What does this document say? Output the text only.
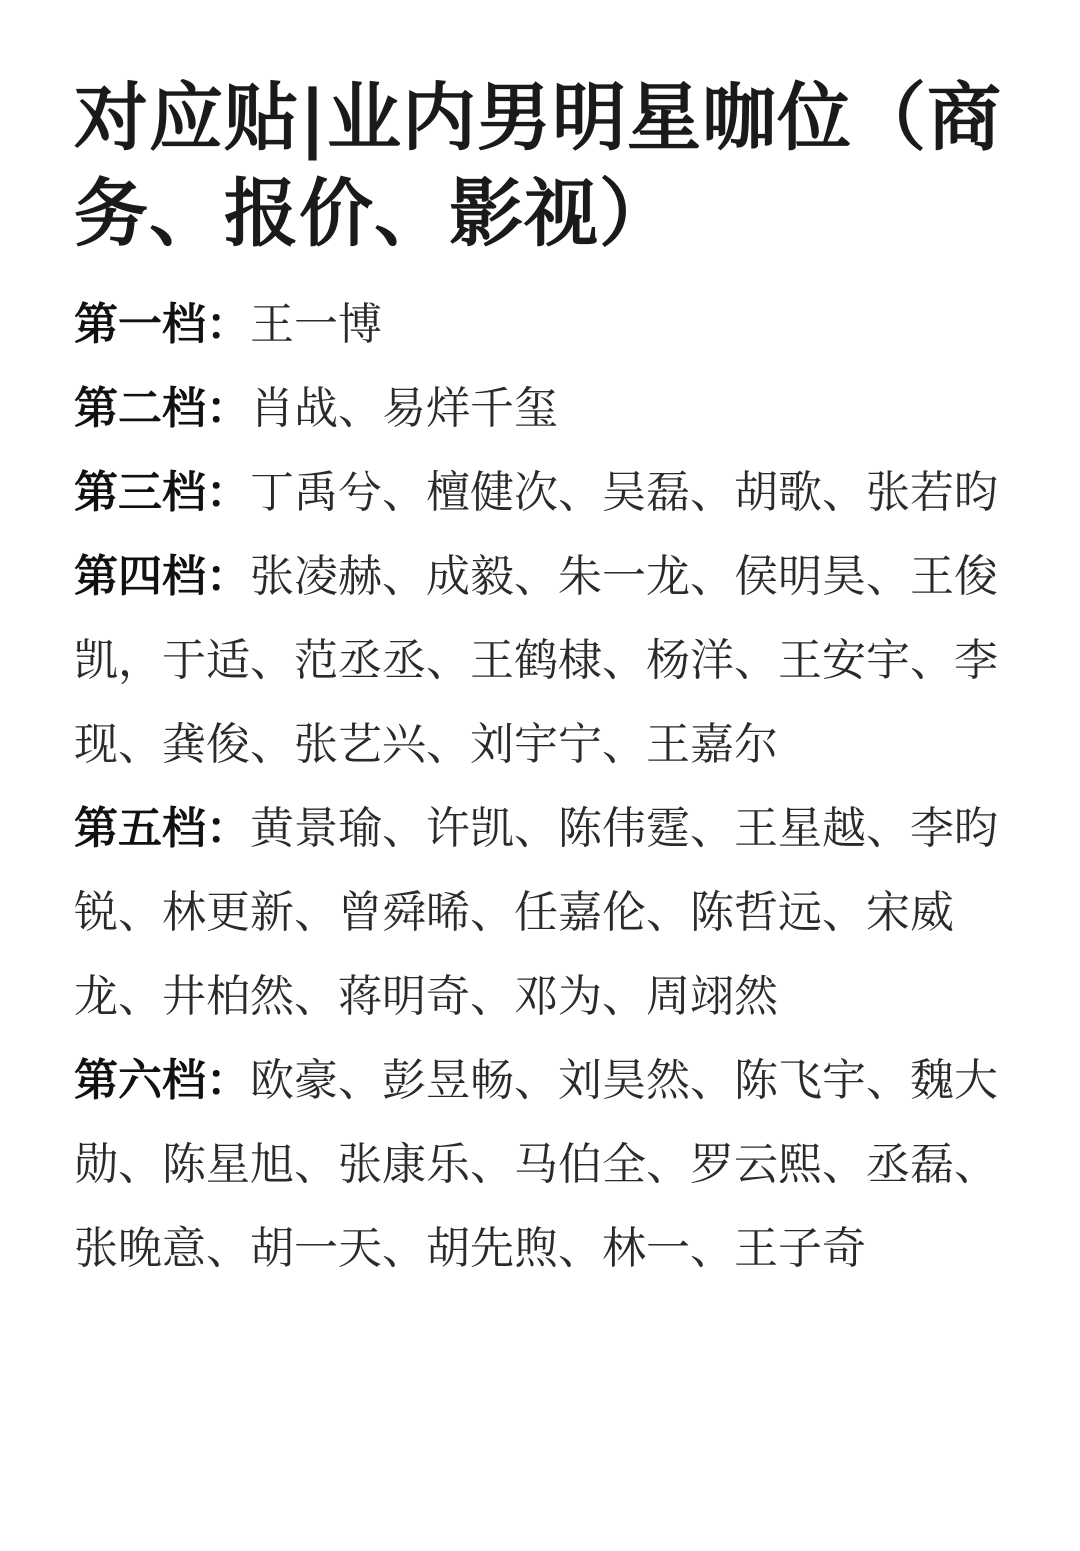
对应贴|业内男明星咖位（商务、报价、影视）

第一档：王一博

第二档：肖战、易烊千玺

第三档：丁禹兮、檀健次、吴磊、胡歌、张若昀

第四档：张凌赫、成毅、朱一龙、侯明昊、王俊凯，于适、范丞丞、王鹤棣、杨洋、王安宇、李现、龚俊、张艺兴、刘宇宁、王嘉尔

第五档：黄景瑜、许凯、陈伟霆、王星越、李昀锐、林更新、曾舜晞、任嘉伦、陈哲远、宋威龙、井柏然、蒋明奇、邓为、周翊然

第六档：欧豪、彭昱畅、刘昊然、陈飞宇、魏大勋、陈星旭、张康乐、马伯全、罗云熙、丞磊、张晚意、胡一天、胡先煦、林一、王子奇
